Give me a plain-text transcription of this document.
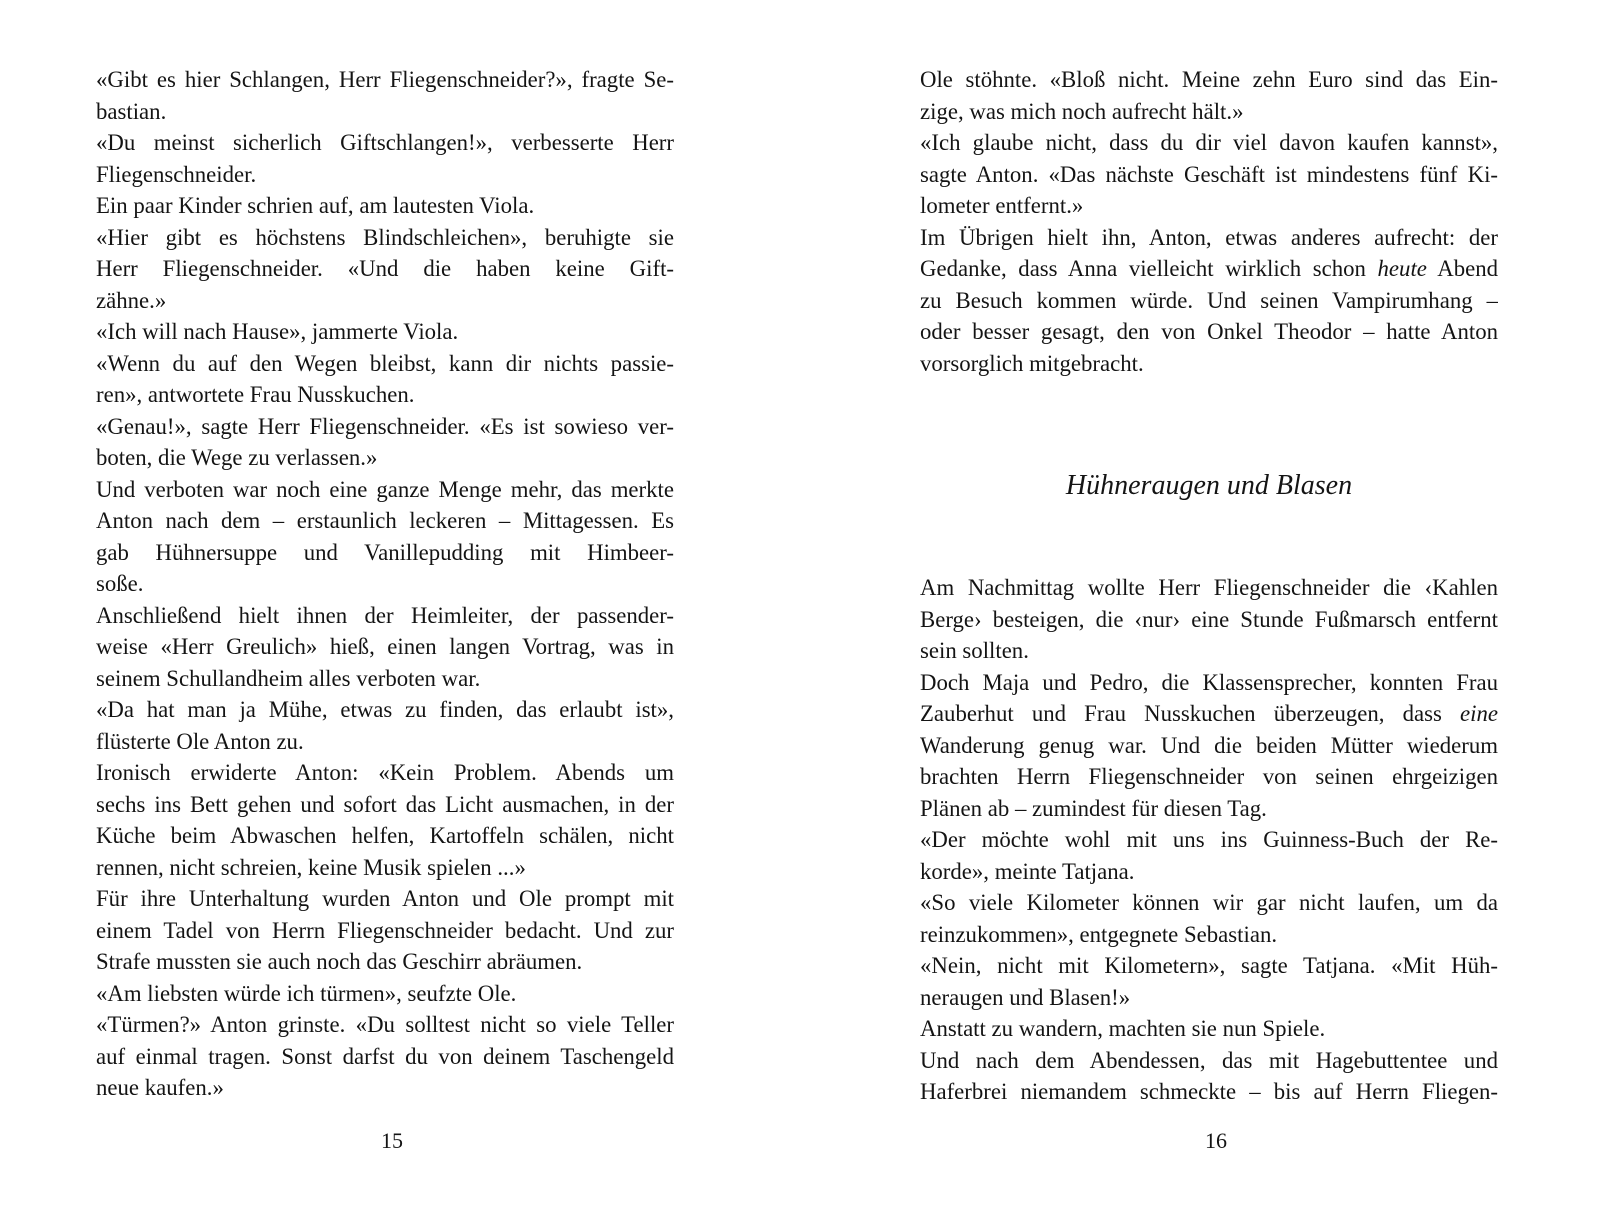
«Gibt es hier Schlangen, Herr Fliegenschneider?», fragte Se-
bastian.
«Du meinst sicherlich Giftschlangen!», verbesserte Herr
Fliegenschneider.
Ein paar Kinder schrien auf, am lautesten Viola.
«Hier gibt es höchstens Blindschleichen», beruhigte sie
Herr Fliegenschneider. «Und die haben keine Gift-
zähne.»
«Ich will nach Hause», jammerte Viola.
«Wenn du auf den Wegen bleibst, kann dir nichts passie-
ren», antwortete Frau Nusskuchen.
«Genau!», sagte Herr Fliegenschneider. «Es ist sowieso ver-
boten, die Wege zu verlassen.»
Und verboten war noch eine ganze Menge mehr, das merkte
Anton nach dem – erstaunlich leckeren – Mittagessen. Es
gab Hühnersuppe und Vanillepudding mit Himbeer-
soße.
Anschließend hielt ihnen der Heimleiter, der passender-
weise «Herr Greulich» hieß, einen langen Vortrag, was in
seinem Schullandheim alles verboten war.
«Da hat man ja Mühe, etwas zu finden, das erlaubt ist»,
flüsterte Ole Anton zu.
Ironisch erwiderte Anton: «Kein Problem. Abends um
sechs ins Bett gehen und sofort das Licht ausmachen, in der
Küche beim Abwaschen helfen, Kartoffeln schälen, nicht
rennen, nicht schreien, keine Musik spielen ...»
Für ihre Unterhaltung wurden Anton und Ole prompt mit
einem Tadel von Herrn Fliegenschneider bedacht. Und zur
Strafe mussten sie auch noch das Geschirr abräumen.
«Am liebsten würde ich türmen», seufzte Ole.
«Türmen?» Anton grinste. «Du solltest nicht so viele Teller
auf einmal tragen. Sonst darfst du von deinem Taschengeld
neue kaufen.»
15
Ole stöhnte. «Bloß nicht. Meine zehn Euro sind das Ein-
zige, was mich noch aufrecht hält.»
«Ich glaube nicht, dass du dir viel davon kaufen kannst»,
sagte Anton. «Das nächste Geschäft ist mindestens fünf Ki-
lometer entfernt.»
Im Übrigen hielt ihn, Anton, etwas anderes aufrecht: der
Gedanke, dass Anna vielleicht wirklich schon heute Abend
zu Besuch kommen würde. Und seinen Vampirumhang –
oder besser gesagt, den von Onkel Theodor – hatte Anton
vorsorglich mitgebracht.
Hühneraugen und Blasen
Am Nachmittag wollte Herr Fliegenschneider die ‹Kahlen
Berge› besteigen, die ‹nur› eine Stunde Fußmarsch entfernt
sein sollten.
Doch Maja und Pedro, die Klassensprecher, konnten Frau
Zauberhut und Frau Nusskuchen überzeugen, dass eine
Wanderung genug war. Und die beiden Mütter wiederum
brachten Herrn Fliegenschneider von seinen ehrgeizigen
Plänen ab – zumindest für diesen Tag.
«Der möchte wohl mit uns ins Guinness-Buch der Re-
korde», meinte Tatjana.
«So viele Kilometer können wir gar nicht laufen, um da
reinzukommen», entgegnete Sebastian.
«Nein, nicht mit Kilometern», sagte Tatjana. «Mit Hüh-
neraugen und Blasen!»
Anstatt zu wandern, machten sie nun Spiele.
Und nach dem Abendessen, das mit Hagebuttentee und
Haferbrei niemandem schmeckte – bis auf Herrn Fliegen-
16
